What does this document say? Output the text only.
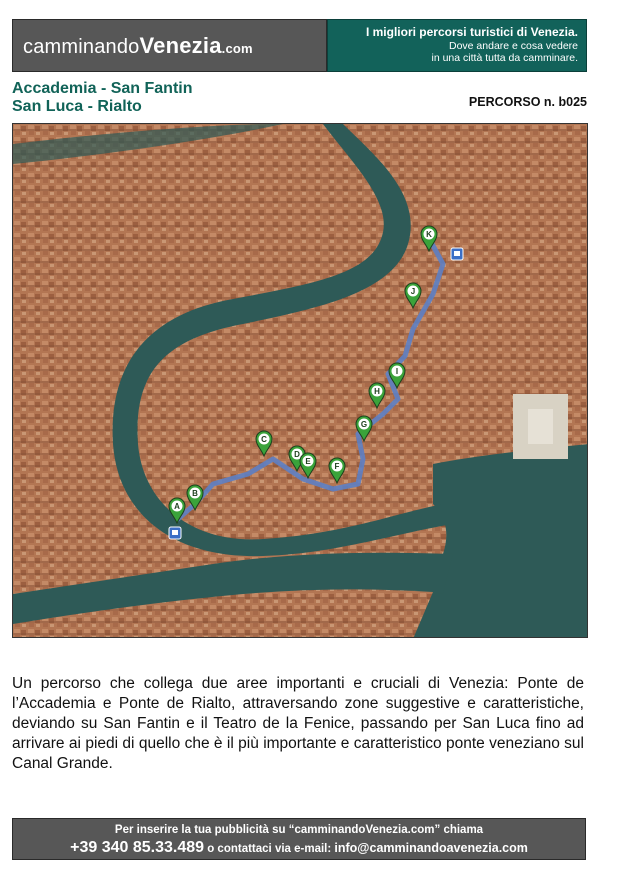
camminandoVenezia.com
I migliori percorsi turistici di Venezia.
Dove andare e cosa vedere
in una città tutta da camminare.
Accademia - San Fantin
San Luca - Rialto	PERCORSO n. b025
A
B
C
D
E
F
G
H
I
J
K
Un percorso che collega due aree importanti e cruciali di Venezia: Ponte de l’Accademia e Ponte de Rialto, attraversando zone suggestive e caratteristiche, deviando su San Fantin e il Teatro de la Fenice, passando per San Luca fino ad arrivare ai piedi di quello che è il più importante e caratteristico ponte veneziano sul Canal Grande.
Per inserire la tua pubblicità su “camminandoVenezia.com” chiama
+39 340 85.33.489 o contattaci via e-mail: info@camminandoavenezia.com
